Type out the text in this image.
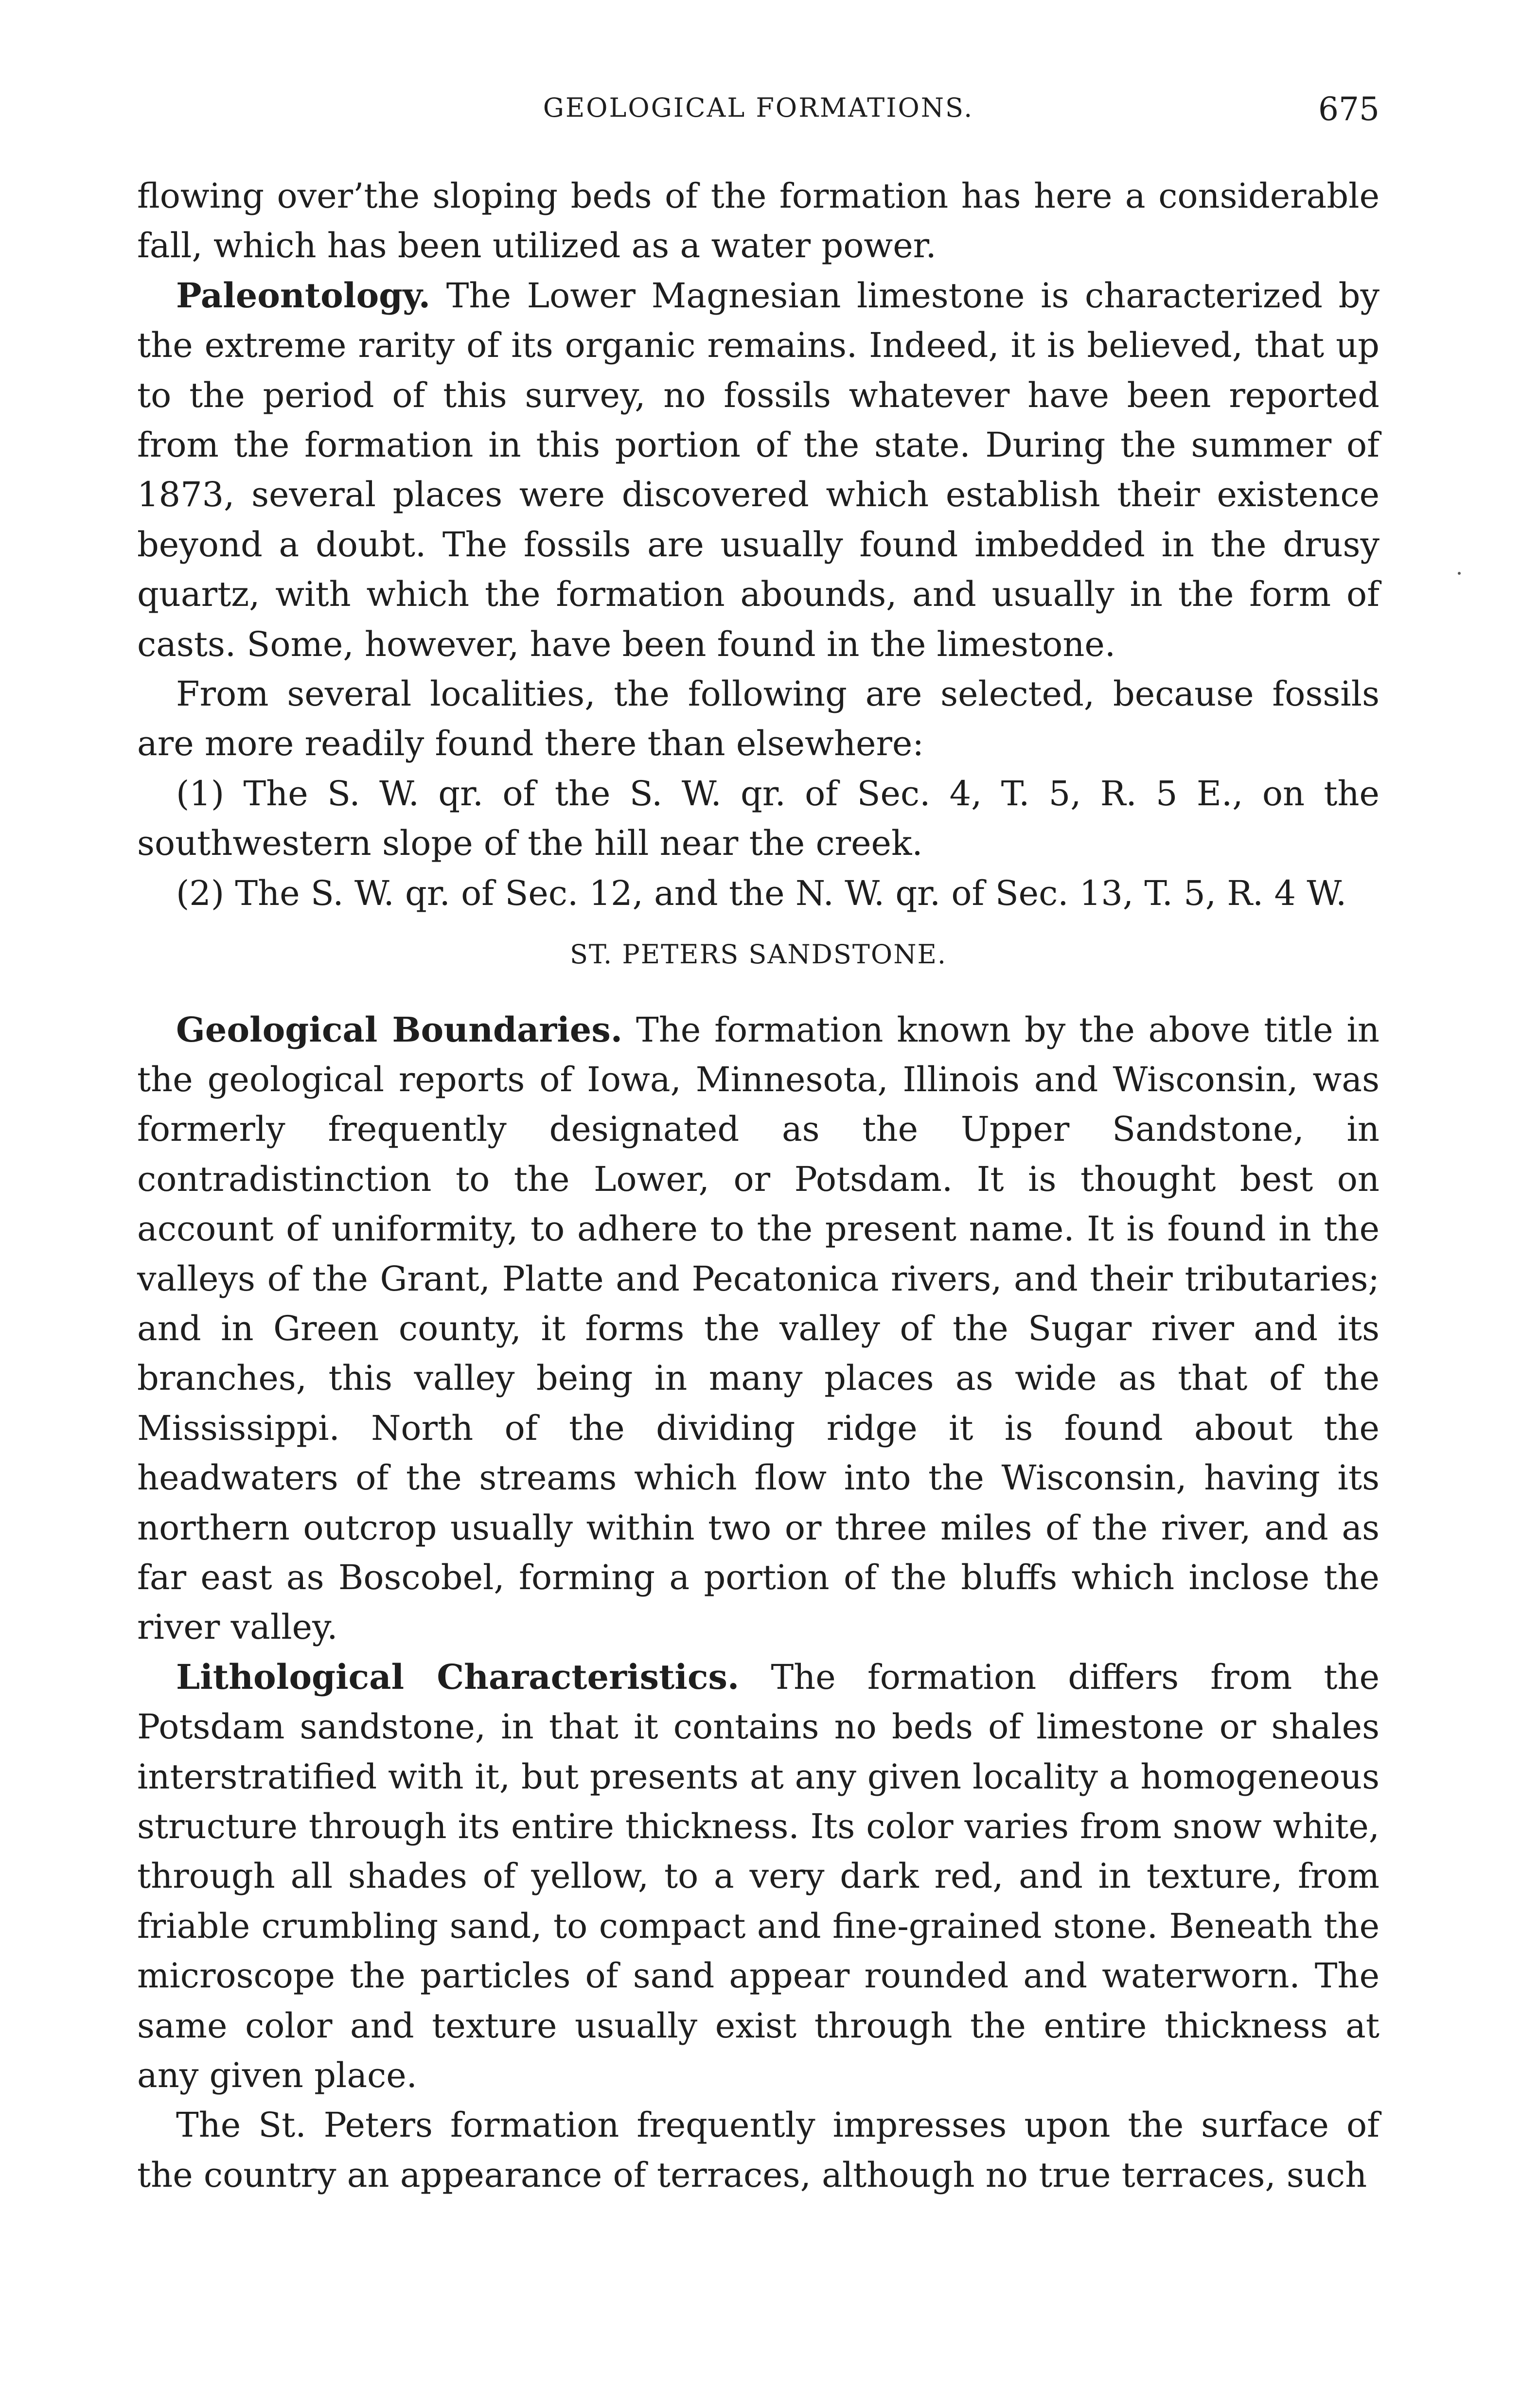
GEOLOGICAL FORMATIONS.	675

flowing over’the sloping beds of the formation has here a considerable fall, which has been utilized as a water power.

Paleontology. The Lower Magnesian limestone is characterized by the extreme rarity of its organic remains. Indeed, it is believed, that up to the period of this survey, no fossils whatever have been reported from the formation in this portion of the state. During the summer of 1873, several places were discovered which establish their existence beyond a doubt. The fossils are usually found imbedded in the drusy quartz, with which the formation abounds, and usually in the form of casts. Some, however, have been found in the limestone.

From several localities, the following are selected, because fossils are more readily found there than elsewhere:

(1) The S. W. qr. of the S. W. qr. of Sec. 4, T. 5, R. 5 E., on the southwestern slope of the hill near the creek.

(2) The S. W. qr. of Sec. 12, and the N. W. qr. of Sec. 13, T. 5, R. 4 W.

ST. PETERS SANDSTONE.

Geological Boundaries. The formation known by the above title in the geological reports of Iowa, Minnesota, Illinois and Wisconsin, was formerly frequently designated as the Upper Sandstone, in contradistinction to the Lower, or Potsdam. It is thought best on account of uniformity, to adhere to the present name. It is found in the valleys of the Grant, Platte and Pecatonica rivers, and their tributaries; and in Green county, it forms the valley of the Sugar river and its branches, this valley being in many places as wide as that of the Mississippi. North of the dividing ridge it is found about the headwaters of the streams which flow into the Wisconsin, having its northern outcrop usually within two or three miles of the river, and as far east as Boscobel, forming a portion of the bluffs which inclose the river valley.

Lithological Characteristics. The formation differs from the Potsdam sandstone, in that it contains no beds of limestone or shales interstratified with it, but presents at any given locality a homogeneous structure through its entire thickness. Its color varies from snow white, through all shades of yellow, to a very dark red, and in texture, from friable crumbling sand, to compact and fine-grained stone. Beneath the microscope the particles of sand appear rounded and waterworn. The same color and texture usually exist through the entire thickness at any given place.

The St. Peters formation frequently impresses upon the surface of the country an appearance of terraces, although no true terraces, such
